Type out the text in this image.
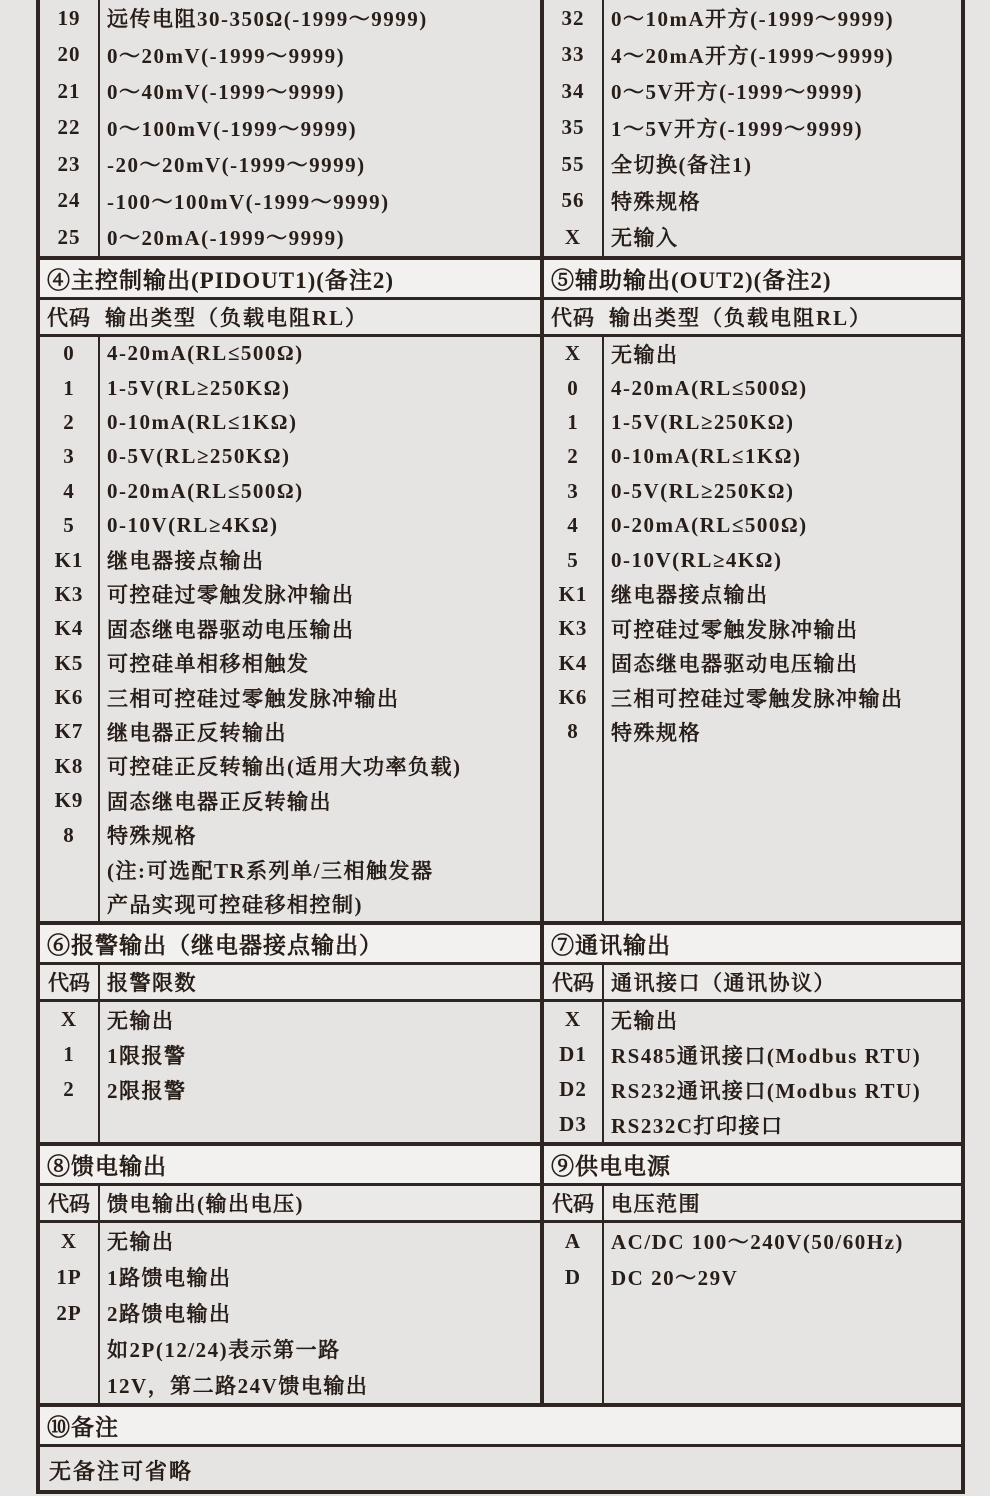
19	远传电阻30-350Ω(-1999～9999)
20	0～20mV(-1999～9999)
21	0～40mV(-1999～9999)
22	0～100mV(-1999～9999)
23	-20～20mV(-1999～9999)
24	-100～100mV(-1999～9999)
25	0～20mA(-1999～9999)
32	0～10mA开方(-1999～9999)
33	4～20mA开方(-1999～9999)
34	0～5V开方(-1999～9999)
35	1～5V开方(-1999～9999)
55	全切换(备注1)
56	特殊规格
X	无输入
④主控制输出(PIDOUT1)(备注2)	⑤辅助输出(OUT2)(备注2)
代码 输出类型（负载电阻RL）	代码 输出类型（负载电阻RL）
0	4-20mA(RL≤500Ω)
1	1-5V(RL≥250KΩ)
2	0-10mA(RL≤1KΩ)
3	0-5V(RL≥250KΩ)
4	0-20mA(RL≤500Ω)
5	0-10V(RL≥4KΩ)
K1	继电器接点输出
K3	可控硅过零触发脉冲输出
K4	固态继电器驱动电压输出
K5	可控硅单相移相触发
K6	三相可控硅过零触发脉冲输出
K7	继电器正反转输出
K8	可控硅正反转输出(适用大功率负载)
K9	固态继电器正反转输出
8	特殊规格
(注:可选配TR系列单/三相触发器
产品实现可控硅移相控制)
X	无输出
0	4-20mA(RL≤500Ω)
1	1-5V(RL≥250KΩ)
2	0-10mA(RL≤1KΩ)
3	0-5V(RL≥250KΩ)
4	0-20mA(RL≤500Ω)
5	0-10V(RL≥4KΩ)
K1	继电器接点输出
K3	可控硅过零触发脉冲输出
K4	固态继电器驱动电压输出
K6	三相可控硅过零触发脉冲输出
8	特殊规格
⑥报警输出（继电器接点输出）	⑦通讯输出
代码 报警限数	代码 通讯接口（通讯协议）
X	无输出
1	1限报警
2	2限报警
X	无输出
D1	RS485通讯接口(Modbus RTU)
D2	RS232通讯接口(Modbus RTU)
D3	RS232C打印接口
⑧馈电输出	⑨供电电源
代码 馈电输出(输出电压)	代码 电压范围
X	无输出
1P	1路馈电输出
2P	2路馈电输出
如2P(12/24)表示第一路
12V，第二路24V馈电输出
A	AC/DC 100～240V(50/60Hz)
D	DC 20～29V
⑩备注
无备注可省略
